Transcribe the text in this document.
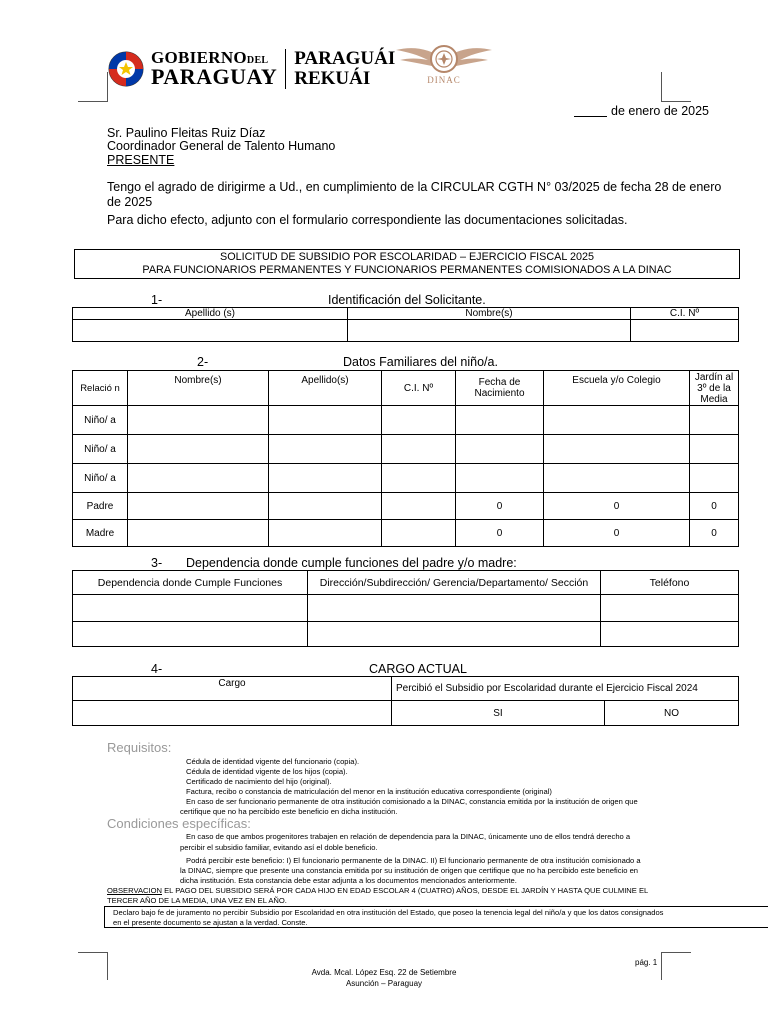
GOBIERNODEL
PARAGUAY
PARAGUÁI
REKUÁI	DINAC
de enero de 2025
Sr. Paulino Fleitas Ruiz Díaz
Coordinador General de Talento Humano
PRESENTE
Tengo el agrado de dirigirme a Ud., en cumplimiento de la CIRCULAR CGTH N° 03/2025 de fecha 28 de enero de 2025
Para dicho efecto, adjunto con el formulario correspondiente las documentaciones solicitadas.
SOLICITUD DE SUBSIDIO POR ESCOLARIDAD – EJERCICIO FISCAL 2025
PARA FUNCIONARIOS PERMANENTES Y FUNCIONARIOS PERMANENTES COMISIONADOS A LA DINAC
1-	Identificación del Solicitante.
Apellido (s)	Nombre(s)	C.I. Nº

2-	Datos Familiares del niño/a.
Relació n	Nombre(s)	Apellido(s)	C.I. Nº	Fecha de Nacimiento	Escuela y/o Colegio	Jardín al 3º de la Media
Niño/ a						
Niño/ a						
Niño/ a						
Padre				0	0	0
Madre				0	0	0
3- Dependencia donde cumple funciones del padre y/o madre:
Dependencia donde Cumple Funciones	Dirección/Subdirección/ Gerencia/Departamento/ Sección	Teléfono

4-	CARGO ACTUAL
Cargo	Percibió el Subsidio por Escolaridad durante el Ejercicio Fiscal 2024	
	SI	NO
Requisitos:
Cédula de identidad vigente del funcionario (copia).
Cédula de identidad vigente de los hijos (copia).
Certificado de nacimiento del hijo (original).
Factura, recibo o constancia de matriculación del menor en la institución educativa correspondiente (original)
En caso de ser funcionario permanente de otra institución comisionado a la DINAC, constancia emitida por la institución de origen que
certifique que no ha percibido este beneficio en dicha institución.
Condiciones específicas:
En caso de que ambos progenitores trabajen en relación de dependencia para la DINAC, únicamente uno de ellos tendrá derecho a
percibir el subsidio familiar, evitando así el doble beneficio.
Podrá percibir este beneficio: I) El funcionario permanente de la DINAC. II) El funcionario permanente de otra institución comisionado a
la DINAC, siempre que presente una constancia emitida por su institución de origen que certifique que no ha percibido este beneficio en
dicha institución. Esta constancia debe estar adjunta a los documentos mencionados anteriormente.
OBSERVACION EL PAGO DEL SUBSIDIO SERÁ POR CADA HIJO EN EDAD ESCOLAR 4 (CUATRO) AÑOS, DESDE EL JARDÍN Y HASTA QUE CULMINE EL
TERCER AÑO DE LA MEDIA, UNA VEZ EN EL AÑO.
Declaro bajo fe de juramento no percibir Subsidio por Escolaridad en otra institución del Estado, que poseo la tenencia legal del niño/a y que los datos consignados
en el presente documento se ajustan a la verdad. Conste.
pág. 1
Avda. Mcal. López Esq. 22 de Setiembre
Asunción – Paraguay
